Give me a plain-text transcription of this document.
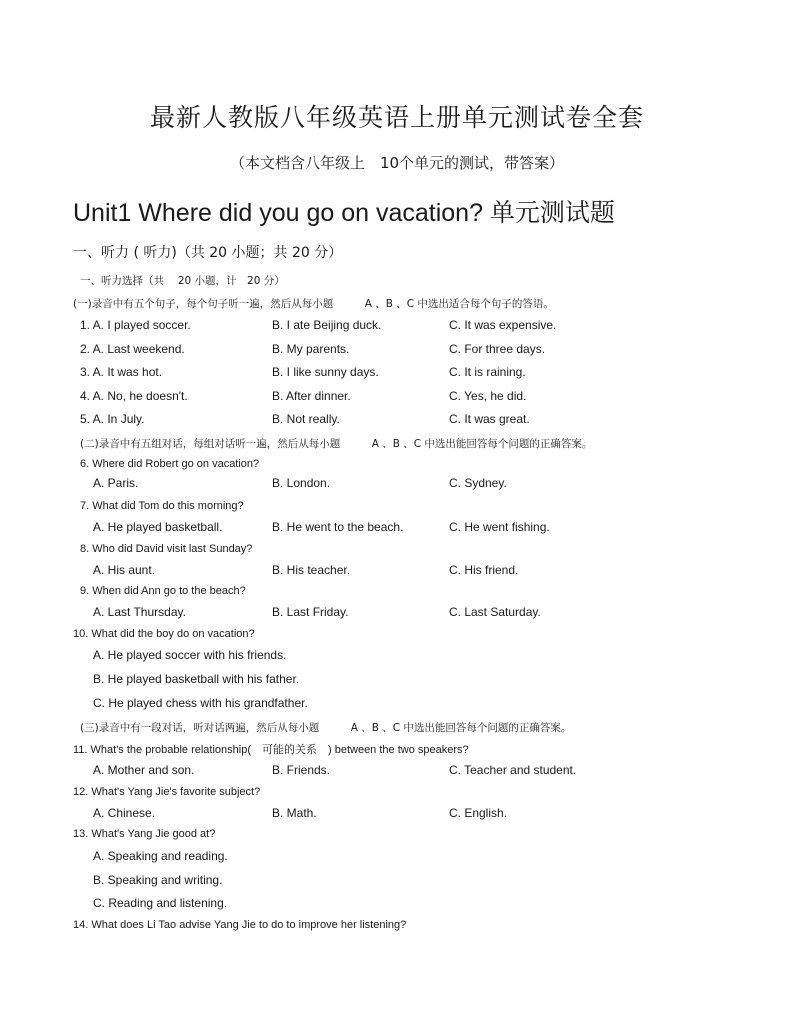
最新人教版八年级英语上册单元测试卷全套
（本文档含八年级上　10个单元的测试，带答案）
Unit1 Where did you go on vacation? 单元测试题
一、听力 ( 听力)（共 20 小题；共 20 分）
一、听力选择（共　 20 小题，计　20 分）
(一)录音中有五个句子，每个句子听一遍，然后从每小题　　　A 、B 、C 中选出适合每个句子的答语。
1. A. I played soccer.	B. I ate Beijing duck.	C. It was expensive.
2. A. Last weekend.	B. My parents.	C. For three days.
3. A. It was hot.	B. I like sunny days.	C. It is raining.
4. A. No, he doesn't.	B. After dinner.	C. Yes, he did.
5. A. In July.	B. Not really.	C. It was great.
(二)录音中有五组对话，每组对话听一遍，然后从每小题　　　A 、B 、C 中选出能回答每个问题的正确答案。
6. Where did Robert go on vacation?
A. Paris.	B. London.	C. Sydney.
7. What did Tom do this morning?
A. He played basketball.	B. He went to the beach.	C. He went fishing.
8. Who did David visit last Sunday?
A. His aunt.	B. His teacher.	C. His friend.
9. When did Ann go to the beach?
A. Last Thursday.	B. Last Friday.	C. Last Saturday.
10. What did the boy do on vacation?
A. He played soccer with his friends.
B. He played basketball with his father.
C. He played chess with his grandfather.
(三)录音中有一段对话，听对话两遍，然后从每小题　　　A 、B 、C 中选出能回答每个问题的正确答案。
11. What's the probable relationship(　可能的关系　) between the two speakers?
A. Mother and son.	B. Friends.	C. Teacher and student.
12. What's Yang Jie's favorite subject?
A. Chinese.	B. Math.	C. English.
13. What's Yang Jie good at?
A. Speaking and reading.
B. Speaking and writing.
C. Reading and listening.
14. What does Li Tao advise Yang Jie to do to improve her listening?
